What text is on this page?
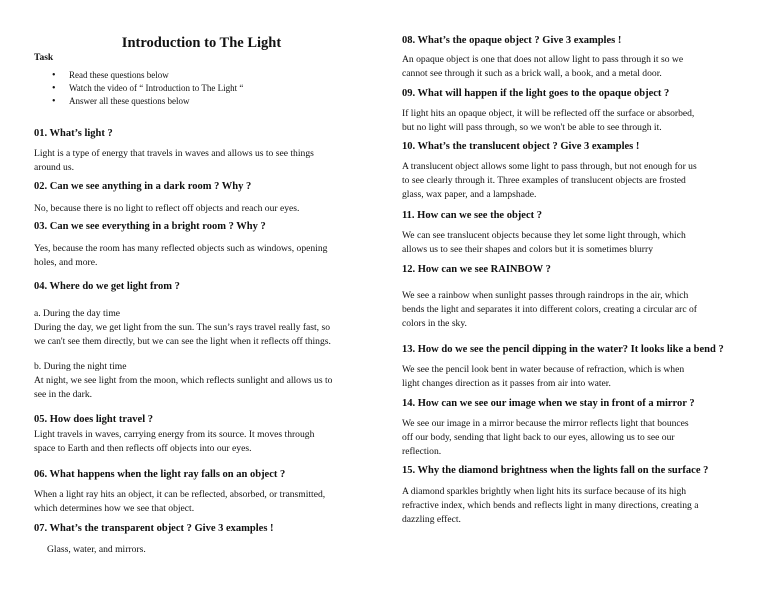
Introduction to The Light
Task
• Read these questions below
• Watch the video of “ Introduction to The Light “
• Answer all these questions below
01. What’s light ?
Light is a type of energy that travels in waves and allows us to see things
around us.
02. Can we see anything in a dark room ? Why ?
No, because there is no light to reflect off objects and reach our eyes.
03. Can we see everything in a bright room ? Why ?
Yes, because the room has many reflected objects such as windows, opening
holes, and more.
04. Where do we get light from ?
a. During the day time
During the day, we get light from the sun. The sun’s rays travel really fast, so
we can't see them directly, but we can see the light when it reflects off things.
b. During the night time
At night, we see light from the moon, which reflects sunlight and allows us to
see in the dark.
05. How does light travel ?
Light travels in waves, carrying energy from its source. It moves through
space to Earth and then reflects off objects into our eyes.
06. What happens when the light ray falls on an object ?
When a light ray hits an object, it can be reflected, absorbed, or transmitted,
which determines how we see that object.
07. What’s the transparent object ? Give 3 examples !
Glass, water, and mirrors.
08. What’s the opaque object ? Give 3 examples !
An opaque object is one that does not allow light to pass through it so we
cannot see through it such as a brick wall, a book, and a metal door.
09. What will happen if the light goes to the opaque object ?
If light hits an opaque object, it will be reflected off the surface or absorbed,
but no light will pass through, so we won't be able to see through it.
10. What’s the translucent object ? Give 3 examples !
A translucent object allows some light to pass through, but not enough for us
to see clearly through it. Three examples of translucent objects are frosted
glass, wax paper, and a lampshade.
11. How can we see the object ?
We can see translucent objects because they let some light through, which
allows us to see their shapes and colors but it is sometimes blurry
12. How can we see RAINBOW ?
We see a rainbow when sunlight passes through raindrops in the air, which
bends the light and separates it into different colors, creating a circular arc of
colors in the sky.
13. How do we see the pencil dipping in the water? It looks like a bend ?
We see the pencil look bent in water because of refraction, which is when
light changes direction as it passes from air into water.
14. How can we see our image when we stay in front of a mirror ?
We see our image in a mirror because the mirror reflects light that bounces
off our body, sending that light back to our eyes, allowing us to see our
reflection.
15. Why the diamond brightness when the lights fall on the surface ?
A diamond sparkles brightly when light hits its surface because of its high
refractive index, which bends and reflects light in many directions, creating a
dazzling effect.
